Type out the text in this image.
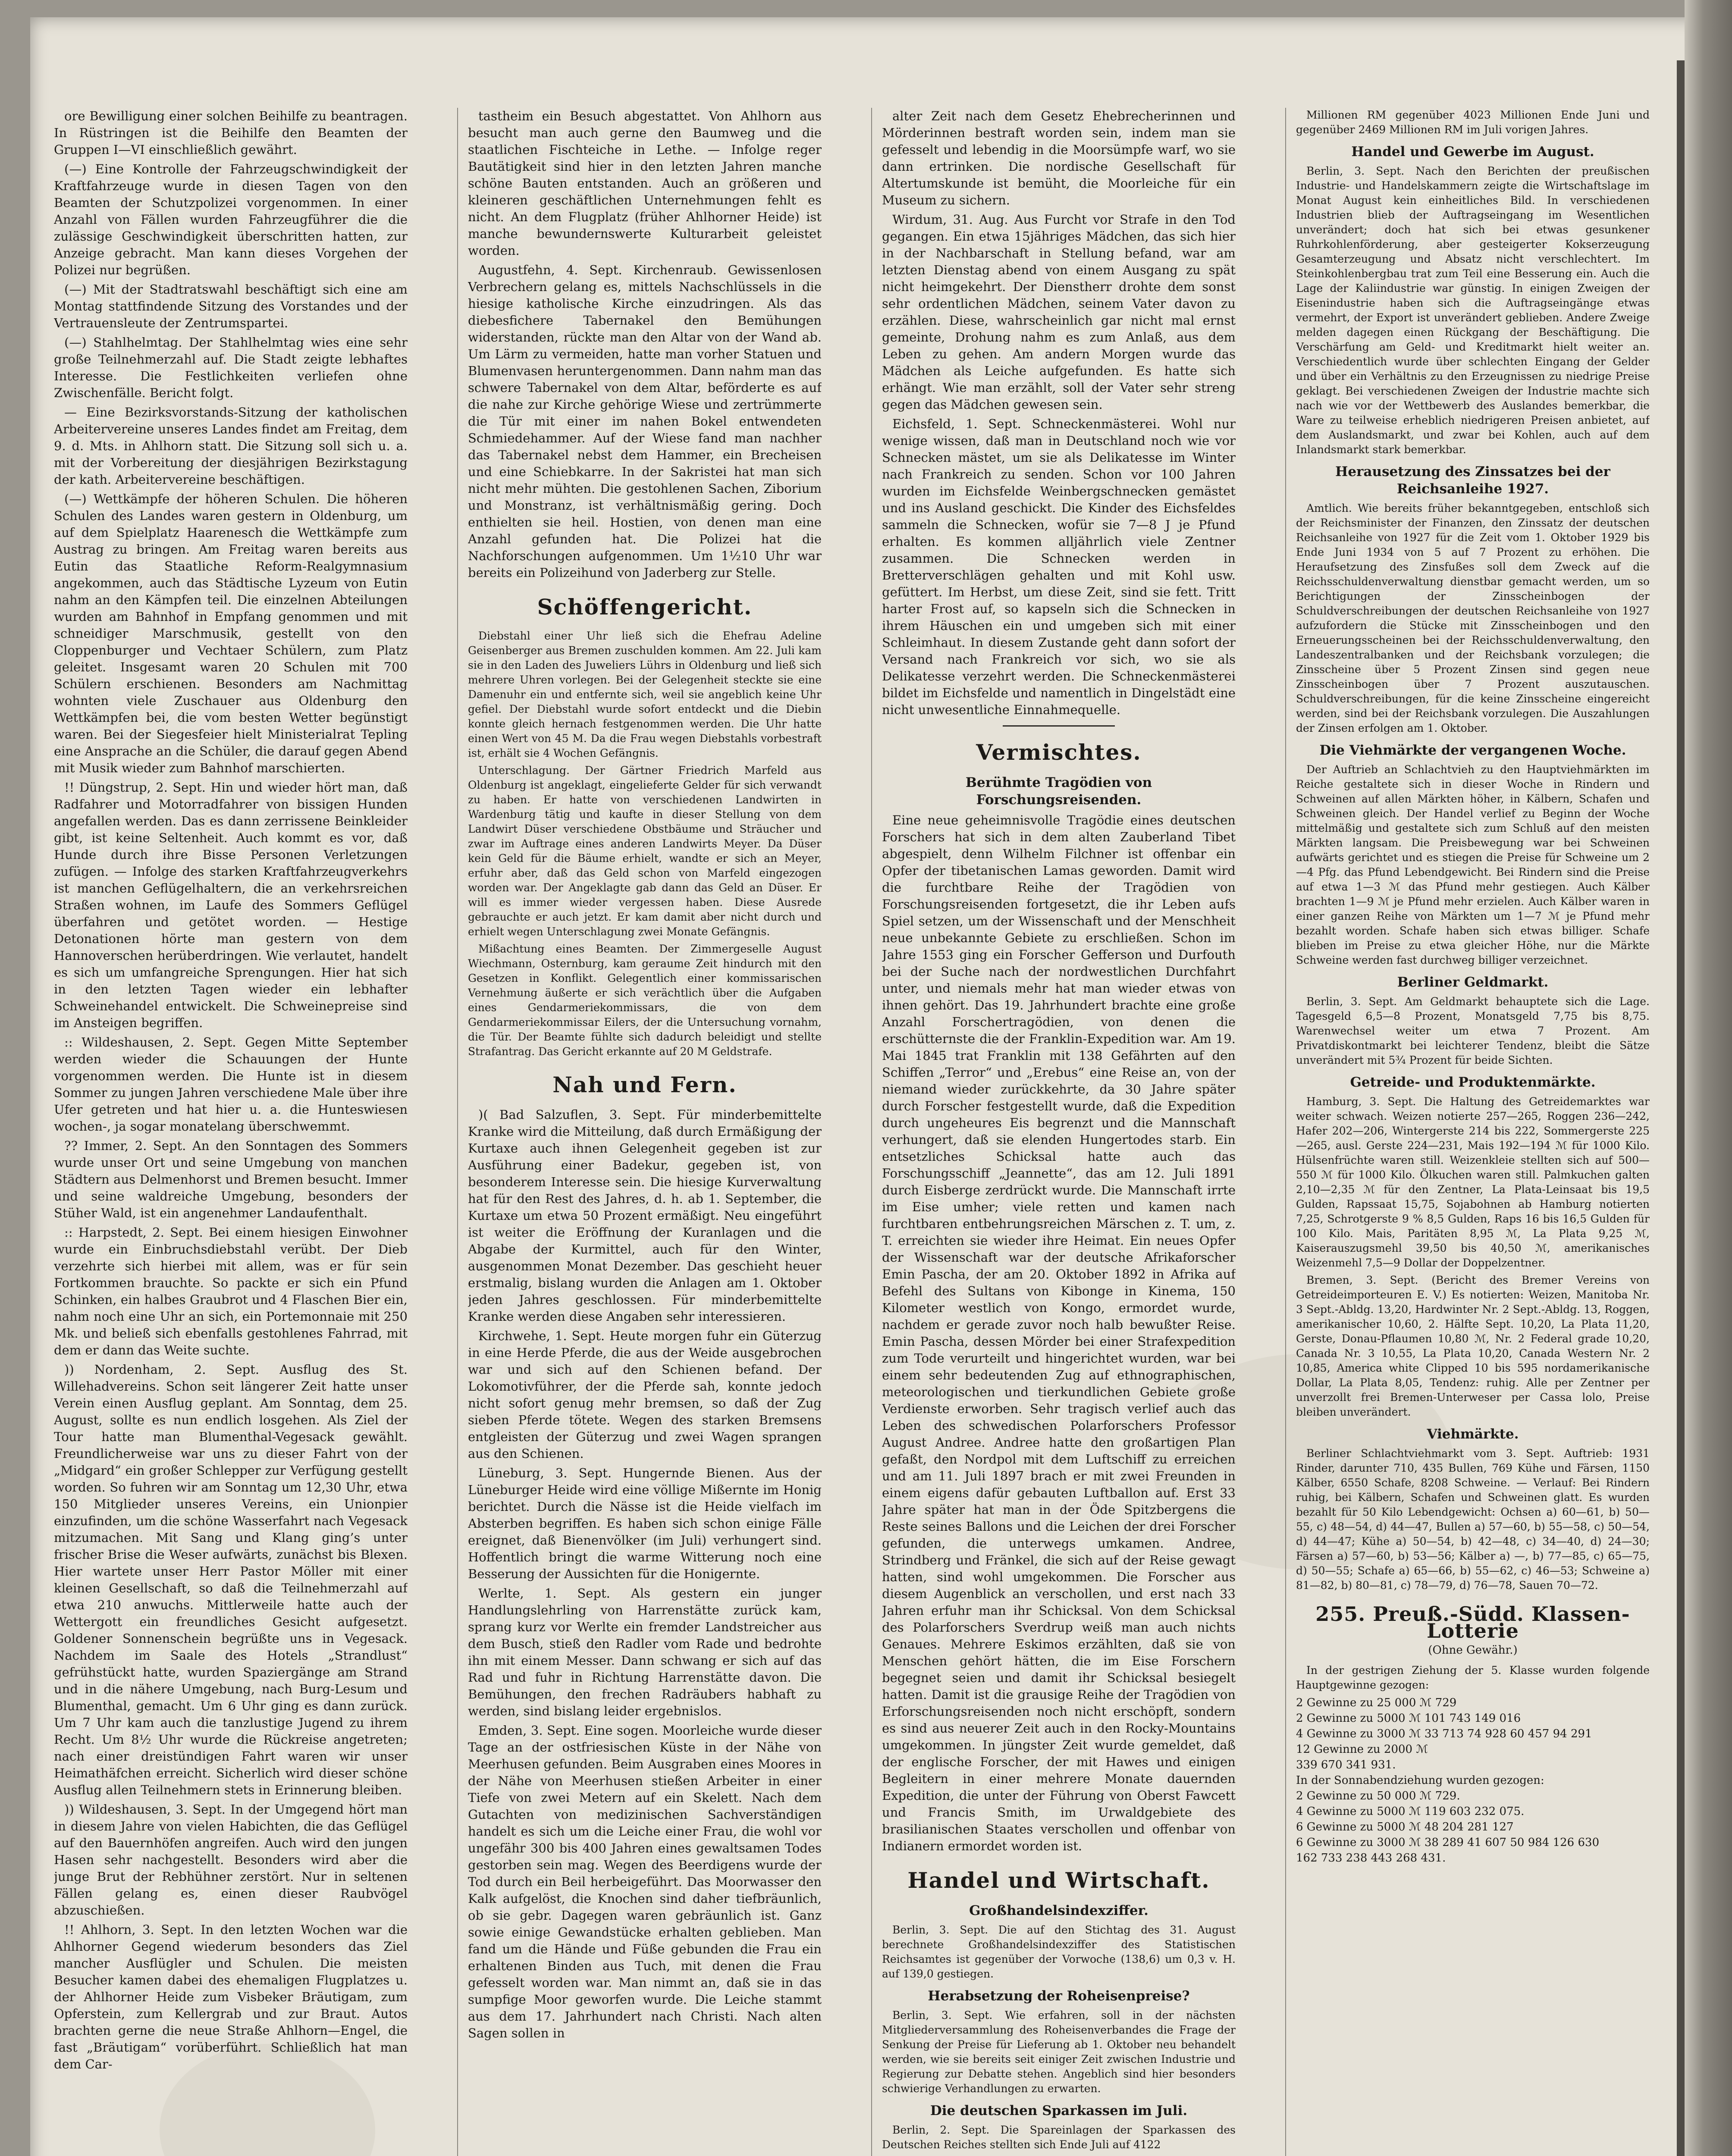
ore Bewilligung einer solchen Beihilfe zu beantragen. In Rüstringen ist die Beihilfe den Beamten der Gruppen I—VI einschließlich gewährt.

(—) Eine Kontrolle der Fahrzeugschwindigkeit der Kraftfahrzeuge wurde in diesen Tagen von den Beamten der Schutzpolizei vorgenommen. In einer Anzahl von Fällen wurden Fahrzeugführer die die zulässige Geschwindigkeit überschritten hatten, zur Anzeige gebracht. Man kann dieses Vorgehen der Polizei nur begrüßen.

(—) Mit der Stadtratswahl beschäftigt sich eine am Montag stattfindende Sitzung des Vorstandes und der Vertrauensleute der Zentrumspartei.

(—) Stahlhelmtag. Der Stahlhelmtag wies eine sehr große Teilnehmerzahl auf. Die Stadt zeigte lebhaftes Interesse. Die Festlichkeiten verliefen ohne Zwischenfälle. Bericht folgt.

— Eine Bezirksvorstands-Sitzung der katholischen Arbeitervereine unseres Landes findet am Freitag, dem 9. d. Mts. in Ahlhorn statt. Die Sitzung soll sich u. a. mit der Vorbereitung der diesjährigen Bezirkstagung der kath. Arbeitervereine beschäftigen.

(—) Wettkämpfe der höheren Schulen. Die höheren Schulen des Landes waren gestern in Oldenburg, um auf dem Spielplatz Haarenesch die Wettkämpfe zum Austrag zu bringen. Am Freitag waren bereits aus Eutin das Staatliche Reform-Realgymnasium angekommen, auch das Städtische Lyzeum von Eutin nahm an den Kämpfen teil. Die einzelnen Abteilungen wurden am Bahnhof in Empfang genommen und mit schneidiger Marschmusik, gestellt von den Cloppenburger und Vechtaer Schülern, zum Platz geleitet. Insgesamt waren 20 Schulen mit 700 Schülern erschienen. Besonders am Nachmittag wohnten viele Zuschauer aus Oldenburg den Wettkämpfen bei, die vom besten Wetter begünstigt waren. Bei der Siegesfeier hielt Ministerialrat Tepling eine Ansprache an die Schüler, die darauf gegen Abend mit Musik wieder zum Bahnhof marschierten.

!! Düngstrup, 2. Sept. Hin und wieder hört man, daß Radfahrer und Motorradfahrer von bissigen Hunden angefallen werden. Das es dann zerrissene Beinkleider gibt, ist keine Seltenheit. Auch kommt es vor, daß Hunde durch ihre Bisse Personen Verletzungen zufügen. — Infolge des starken Kraftfahrzeugverkehrs ist manchen Geflügelhaltern, die an verkehrsreichen Straßen wohnen, im Laufe des Sommers Geflügel überfahren und getötet worden. — Hestige Detonationen hörte man gestern von dem Hannoverschen herüberdringen. Wie verlautet, handelt es sich um umfangreiche Sprengungen. Hier hat sich in den letzten Tagen wieder ein lebhafter Schweinehandel entwickelt. Die Schweinepreise sind im Ansteigen begriffen.

:: Wildeshausen, 2. Sept. Gegen Mitte September werden wieder die Schauungen der Hunte vorgenommen werden. Die Hunte ist in diesem Sommer zu jungen Jahren verschiedene Male über ihre Ufer getreten und hat hier u. a. die Hunteswiesen wochen-, ja sogar monatelang überschwemmt.

?? Immer, 2. Sept. An den Sonntagen des Sommers wurde unser Ort und seine Umgebung von manchen Städtern aus Delmenhorst und Bremen besucht. Immer und seine waldreiche Umgebung, besonders der Stüher Wald, ist ein angenehmer Landaufenthalt.

:: Harpstedt, 2. Sept. Bei einem hiesigen Einwohner wurde ein Einbruchsdiebstahl verübt. Der Dieb verzehrte sich hierbei mit allem, was er für sein Fortkommen brauchte. So packte er sich ein Pfund Schinken, ein halbes Graubrot und 4 Flaschen Bier ein, nahm noch eine Uhr an sich, ein Portemonnaie mit 250 Mk. und beließ sich ebenfalls gestohlenes Fahrrad, mit dem er dann das Weite suchte.

)) Nordenham, 2. Sept. Ausflug des St. Willehadvereins. Schon seit längerer Zeit hatte unser Verein einen Ausflug geplant. Am Sonntag, dem 25. August, sollte es nun endlich losgehen. Als Ziel der Tour hatte man Blumenthal-Vegesack gewählt. Freundlicherweise war uns zu dieser Fahrt von der „Midgard“ ein großer Schlepper zur Verfügung gestellt worden. So fuhren wir am Sonntag um 12,30 Uhr, etwa 150 Mitglieder unseres Vereins, ein Unionpier einzufinden, um die schöne Wasserfahrt nach Vegesack mitzumachen. Mit Sang und Klang ging’s unter frischer Brise die Weser aufwärts, zunächst bis Blexen. Hier wartete unser Herr Pastor Möller mit einer kleinen Gesellschaft, so daß die Teilnehmerzahl auf etwa 210 anwuchs. Mittlerweile hatte auch der Wettergott ein freundliches Gesicht aufgesetzt. Goldener Sonnenschein begrüßte uns in Vegesack. Nachdem im Saale des Hotels „Strandlust“ gefrühstückt hatte, wurden Spaziergänge am Strand und in die nähere Umgebung, nach Burg-Lesum und Blumenthal, gemacht. Um 6 Uhr ging es dann zurück. Um 7 Uhr kam auch die tanzlustige Jugend zu ihrem Recht. Um 8½ Uhr wurde die Rückreise angetreten; nach einer dreistündigen Fahrt waren wir unser Heimathäfchen erreicht. Sicherlich wird dieser schöne Ausflug allen Teilnehmern stets in Erinnerung bleiben.

)) Wildeshausen, 3. Sept. In der Umgegend hört man in diesem Jahre von vielen Habichten, die das Geflügel auf den Bauernhöfen angreifen. Auch wird den jungen Hasen sehr nachgestellt. Besonders wird aber die junge Brut der Rebhühner zerstört. Nur in seltenen Fällen gelang es, einen dieser Raubvögel abzuschießen.

!! Ahlhorn, 3. Sept. In den letzten Wochen war die Ahlhorner Gegend wiederum besonders das Ziel mancher Ausflügler und Schulen. Die meisten Besucher kamen dabei des ehemaligen Flugplatzes u. der Ahlhorner Heide zum Visbeker Bräutigam, zum Opferstein, zum Kellergrab und zur Braut. Autos brachten gerne die neue Straße Ahlhorn—Engel, die fast „Bräutigam“ vorüberführt. Schließlich hat man dem Car-

tastheim ein Besuch abgestattet. Von Ahlhorn aus besucht man auch gerne den Baumweg und die staatlichen Fischteiche in Lethe. — Infolge reger Bautätigkeit sind hier in den letzten Jahren manche schöne Bauten entstanden. Auch an größeren und kleineren geschäftlichen Unternehmungen fehlt es nicht. An dem Flugplatz (früher Ahlhorner Heide) ist manche bewundernswerte Kulturarbeit geleistet worden.

Augustfehn, 4. Sept. Kirchenraub. Gewissenlosen Verbrechern gelang es, mittels Nachschlüssels in die hiesige katholische Kirche einzudringen. Als das diebesfichere Tabernakel den Bemühungen widerstanden, rückte man den Altar von der Wand ab. Um Lärm zu vermeiden, hatte man vorher Statuen und Blumenvasen heruntergenommen. Dann nahm man das schwere Tabernakel von dem Altar, beförderte es auf die nahe zur Kirche gehörige Wiese und zertrümmerte die Tür mit einer im nahen Bokel entwendeten Schmiedehammer. Auf der Wiese fand man nachher das Tabernakel nebst dem Hammer, ein Brecheisen und eine Schiebkarre. In der Sakristei hat man sich nicht mehr mühten. Die gestohlenen Sachen, Ziborium und Monstranz, ist verhältnismäßig gering. Doch enthielten sie heil. Hostien, von denen man eine Anzahl gefunden hat. Die Polizei hat die Nachforschungen aufgenommen. Um 1½10 Uhr war bereits ein Polizeihund von Jaderberg zur Stelle.

Schöffengericht.

Diebstahl einer Uhr ließ sich die Ehefrau Adeline Geisenberger aus Bremen zuschulden kommen. Am 22. Juli kam sie in den Laden des Juweliers Lührs in Oldenburg und ließ sich mehrere Uhren vorlegen. Bei der Gelegenheit steckte sie eine Damenuhr ein und entfernte sich, weil sie angeblich keine Uhr gefiel. Der Diebstahl wurde sofort entdeckt und die Diebin konnte gleich hernach festgenommen werden. Die Uhr hatte einen Wert von 45 M. Da die Frau wegen Diebstahls vorbestraft ist, erhält sie 4 Wochen Gefängnis.

Unterschlagung. Der Gärtner Friedrich Marfeld aus Oldenburg ist angeklagt, eingelieferte Gelder für sich verwandt zu haben. Er hatte von verschiedenen Landwirten in Wardenburg tätig und kaufte in dieser Stellung von dem Landwirt Düser verschiedene Obstbäume und Sträucher und zwar im Auftrage eines anderen Landwirts Meyer. Da Düser kein Geld für die Bäume erhielt, wandte er sich an Meyer, erfuhr aber, daß das Geld schon von Marfeld eingezogen worden war. Der Angeklagte gab dann das Geld an Düser. Er will es immer wieder vergessen haben. Diese Ausrede gebrauchte er auch jetzt. Er kam damit aber nicht durch und erhielt wegen Unterschlagung zwei Monate Gefängnis.

Mißachtung eines Beamten. Der Zimmergeselle August Wiechmann, Osternburg, kam geraume Zeit hindurch mit den Gesetzen in Konflikt. Gelegentlich einer kommissarischen Vernehmung äußerte er sich verächtlich über die Aufgaben eines Gendarmeriekommissars, die von dem Gendarmeriekommissar Eilers, der die Untersuchung vornahm, die Tür. Der Beamte fühlte sich dadurch beleidigt und stellte Strafantrag. Das Gericht erkannte auf 20 M Geldstrafe.

Nah und Fern.

)( Bad Salzuflen, 3. Sept. Für minderbemittelte Kranke wird die Mitteilung, daß durch Ermäßigung der Kurtaxe auch ihnen Gelegenheit gegeben ist zur Ausführung einer Badekur, gegeben ist, von besonderem Interesse sein. Die hiesige Kurverwaltung hat für den Rest des Jahres, d. h. ab 1. September, die Kurtaxe um etwa 50 Prozent ermäßigt. Neu eingeführt ist weiter die Eröffnung der Kuranlagen und die Abgabe der Kurmittel, auch für den Winter, ausgenommen Monat Dezember. Das geschieht heuer erstmalig, bislang wurden die Anlagen am 1. Oktober jeden Jahres geschlossen. Für minderbemittelte Kranke werden diese Angaben sehr interessieren.

Kirchwehe, 1. Sept. Heute morgen fuhr ein Güterzug in eine Herde Pferde, die aus der Weide ausgebrochen war und sich auf den Schienen befand. Der Lokomotivführer, der die Pferde sah, konnte jedoch nicht sofort genug mehr bremsen, so daß der Zug sieben Pferde tötete. Wegen des starken Bremsens entgleisten der Güterzug und zwei Wagen sprangen aus den Schienen.

Lüneburg, 3. Sept. Hungernde Bienen. Aus der Lüneburger Heide wird eine völlige Mißernte im Honig berichtet. Durch die Nässe ist die Heide vielfach im Absterben begriffen. Es haben sich schon einige Fälle ereignet, daß Bienenvölker (im Juli) verhungert sind. Hoffentlich bringt die warme Witterung noch eine Besserung der Aussichten für die Honigernte.

Werlte, 1. Sept. Als gestern ein junger Handlungslehrling von Harrenstätte zurück kam, sprang kurz vor Werlte ein fremder Landstreicher aus dem Busch, stieß den Radler vom Rade und bedrohte ihn mit einem Messer. Dann schwang er sich auf das Rad und fuhr in Richtung Harrenstätte davon. Die Bemühungen, den frechen Radräubers habhaft zu werden, sind bislang leider ergebnislos.

Emden, 3. Sept. Eine sogen. Moorleiche wurde dieser Tage an der ostfriesischen Küste in der Nähe von Meerhusen gefunden. Beim Ausgraben eines Moores in der Nähe von Meerhusen stießen Arbeiter in einer Tiefe von zwei Metern auf ein Skelett. Nach dem Gutachten von medizinischen Sachverständigen handelt es sich um die Leiche einer Frau, die wohl vor ungefähr 300 bis 400 Jahren eines gewaltsamen Todes gestorben sein mag. Wegen des Beerdigens wurde der Tod durch ein Beil herbeigeführt. Das Moorwasser den Kalk aufgelöst, die Knochen sind daher tiefbräunlich, ob sie gebr. Dagegen waren gebräunlich ist. Ganz sowie einige Gewandstücke erhalten geblieben. Man fand um die Hände und Füße gebunden die Frau ein erhaltenen Binden aus Tuch, mit denen die Frau gefesselt worden war. Man nimmt an, daß sie in das sumpfige Moor geworfen wurde. Die Leiche stammt aus dem 17. Jahrhundert nach Christi. Nach alten Sagen sollen in

alter Zeit nach dem Gesetz Ehebrecherinnen und Mörderinnen bestraft worden sein, indem man sie gefesselt und lebendig in die Moorsümpfe warf, wo sie dann ertrinken. Die nordische Gesellschaft für Altertumskunde ist bemüht, die Moorleiche für ein Museum zu sichern.

Wirdum, 31. Aug. Aus Furcht vor Strafe in den Tod gegangen. Ein etwa 15jähriges Mädchen, das sich hier in der Nachbarschaft in Stellung befand, war am letzten Dienstag abend von einem Ausgang zu spät nicht heimgekehrt. Der Dienstherr drohte dem sonst sehr ordentlichen Mädchen, seinem Vater davon zu erzählen. Diese, wahrscheinlich gar nicht mal ernst gemeinte, Drohung nahm es zum Anlaß, aus dem Leben zu gehen. Am andern Morgen wurde das Mädchen als Leiche aufgefunden. Es hatte sich erhängt. Wie man erzählt, soll der Vater sehr streng gegen das Mädchen gewesen sein.

Eichsfeld, 1. Sept. Schneckenmästerei. Wohl nur wenige wissen, daß man in Deutschland noch wie vor Schnecken mästet, um sie als Delikatesse im Winter nach Frankreich zu senden. Schon vor 100 Jahren wurden im Eichsfelde Weinbergschnecken gemästet und ins Ausland geschickt. Die Kinder des Eichsfeldes sammeln die Schnecken, wofür sie 7—8 J je Pfund erhalten. Es kommen alljährlich viele Zentner zusammen. Die Schnecken werden in Bretterverschlägen gehalten und mit Kohl usw. gefüttert. Im Herbst, um diese Zeit, sind sie fett. Tritt harter Frost auf, so kapseln sich die Schnecken in ihrem Häuschen ein und umgeben sich mit einer Schleimhaut. In diesem Zustande geht dann sofort der Versand nach Frankreich vor sich, wo sie als Delikatesse verzehrt werden. Die Schneckenmästerei bildet im Eichsfelde und namentlich in Dingelstädt eine nicht unwesentliche Einnahmequelle.

Vermischtes.
Berühmte Tragödien von Forschungsreisenden.

Eine neue geheimnisvolle Tragödie eines deutschen Forschers hat sich in dem alten Zauberland Tibet abgespielt, denn Wilhelm Filchner ist offenbar ein Opfer der tibetanischen Lamas geworden. Damit wird die furchtbare Reihe der Tragödien von Forschungsreisenden fortgesetzt, die ihr Leben aufs Spiel setzen, um der Wissenschaft und der Menschheit neue unbekannte Gebiete zu erschließen. Schon im Jahre 1553 ging ein Forscher Gefferson und Durfouth bei der Suche nach der nordwestlichen Durchfahrt unter, und niemals mehr hat man wieder etwas von ihnen gehört. Das 19. Jahrhundert brachte eine große Anzahl Forschertragödien, von denen die erschütternste die der Franklin-Expedition war. Am 19. Mai 1845 trat Franklin mit 138 Gefährten auf den Schiffen „Terror“ und „Erebus“ eine Reise an, von der niemand wieder zurückkehrte, da 30 Jahre später durch Forscher festgestellt wurde, daß die Expedition durch ungeheures Eis begrenzt und die Mannschaft verhungert, daß sie elenden Hungertodes starb. Ein entsetzliches Schicksal hatte auch das Forschungsschiff „Jeannette“, das am 12. Juli 1891 durch Eisberge zerdrückt wurde. Die Mannschaft irrte im Eise umher; viele retten und kamen nach furchtbaren entbehrungsreichen Märschen z. T. um, z. T. erreichten sie wieder ihre Heimat. Ein neues Opfer der Wissenschaft war der deutsche Afrikaforscher Emin Pascha, der am 20. Oktober 1892 in Afrika auf Befehl des Sultans von Kibonge in Kinema, 150 Kilometer westlich von Kongo, ermordet wurde, nachdem er gerade zuvor noch halb bewußter Reise. Emin Pascha, dessen Mörder bei einer Strafexpedition zum Tode verurteilt und hingerichtet wurden, war bei einem sehr bedeutenden Zug auf ethnographischen, meteorologischen und tierkundlichen Gebiete große Verdienste erworben. Sehr tragisch verlief auch das Leben des schwedischen Polarforschers Professor August Andree. Andree hatte den großartigen Plan gefaßt, den Nordpol mit dem Luftschiff zu erreichen und am 11. Juli 1897 brach er mit zwei Freunden in einem eigens dafür gebauten Luftballon auf. Erst 33 Jahre später hat man in der Öde Spitzbergens die Reste seines Ballons und die Leichen der drei Forscher gefunden, die unterwegs umkamen. Andree, Strindberg und Fränkel, die sich auf der Reise gewagt hatten, sind wohl umgekommen. Die Forscher aus diesem Augenblick an verschollen, und erst nach 33 Jahren erfuhr man ihr Schicksal. Von dem Schicksal des Polarforschers Sverdrup weiß man auch nichts Genaues. Mehrere Eskimos erzählten, daß sie von Menschen gehört hätten, die im Eise Forschern begegnet seien und damit ihr Schicksal besiegelt hatten. Damit ist die grausige Reihe der Tragödien von Erforschungsreisenden noch nicht erschöpft, sondern es sind aus neuerer Zeit auch in den Rocky-Mountains umgekommen. In jüngster Zeit wurde gemeldet, daß der englische Forscher, der mit Hawes und einigen Begleitern in einer mehrere Monate dauernden Expedition, die unter der Führung von Oberst Fawcett und Francis Smith, im Urwaldgebiete des brasilianischen Staates verschollen und offenbar von Indianern ermordet worden ist.

Handel und Wirtschaft.
Großhandelsindexziffer.

Berlin, 3. Sept. Die auf den Stichtag des 31. August berechnete Großhandelsindexziffer des Statistischen Reichsamtes ist gegenüber der Vorwoche (138,6) um 0,3 v. H. auf 139,0 gestiegen.

Herabsetzung der Roheisenpreise?

Berlin, 3. Sept. Wie erfahren, soll in der nächsten Mitgliederversammlung des Roheisenverbandes die Frage der Senkung der Preise für Lieferung ab 1. Oktober neu behandelt werden, wie sie bereits seit einiger Zeit zwischen Industrie und Regierung zur Debatte stehen. Angeblich sind hier besonders schwierige Verhandlungen zu erwarten.

Die deutschen Sparkassen im Juli.

Berlin, 2. Sept. Die Spareinlagen der Sparkassen des Deutschen Reiches stellten sich Ende Juli auf 4122

Millionen RM gegenüber 4023 Millionen Ende Juni und gegenüber 2469 Millionen RM im Juli vorigen Jahres.

Handel und Gewerbe im August.

Berlin, 3. Sept. Nach den Berichten der preußischen Industrie- und Handelskammern zeigte die Wirtschaftslage im Monat August kein einheitliches Bild. In verschiedenen Industrien blieb der Auftragseingang im Wesentlichen unverändert; doch hat sich bei etwas gesunkener Ruhrkohlenförderung, aber gesteigerter Kokserzeugung Gesamterzeugung und Absatz nicht verschlechtert. Im Steinkohlenbergbau trat zum Teil eine Besserung ein. Auch die Lage der Kaliindustrie war günstig. In einigen Zweigen der Eisenindustrie haben sich die Auftragseingänge etwas vermehrt, der Export ist unverändert geblieben. Andere Zweige melden dagegen einen Rückgang der Beschäftigung. Die Verschärfung am Geld- und Kreditmarkt hielt weiter an. Verschiedentlich wurde über schlechten Eingang der Gelder und über ein Verhältnis zu den Erzeugnissen zu niedrige Preise geklagt. Bei verschiedenen Zweigen der Industrie machte sich nach wie vor der Wettbewerb des Auslandes bemerkbar, die Ware zu teilweise erheblich niedrigeren Preisen anbietet, auf dem Auslandsmarkt, und zwar bei Kohlen, auch auf dem Inlandsmarkt stark bemerkbar.

Herausetzung des Zinssatzes bei der Reichsanleihe 1927.

Amtlich. Wie bereits früher bekanntgegeben, entschloß sich der Reichsminister der Finanzen, den Zinssatz der deutschen Reichsanleihe von 1927 für die Zeit vom 1. Oktober 1929 bis Ende Juni 1934 von 5 auf 7 Prozent zu erhöhen. Die Heraufsetzung des Zinsfußes soll dem Zweck auf die Reichsschuldenverwaltung dienstbar gemacht werden, um so Berichtigungen der Zinsscheinbogen der Schuldverschreibungen der deutschen Reichsanleihe von 1927 aufzufordern die Stücke mit Zinsscheinbogen und den Erneuerungsscheinen bei der Reichsschuldenverwaltung, den Landeszentralbanken und der Reichsbank vorzulegen; die Zinsscheine über 5 Prozent Zinsen sind gegen neue Zinsscheinbogen über 7 Prozent auszutauschen. Schuldverschreibungen, für die keine Zinsscheine eingereicht werden, sind bei der Reichsbank vorzulegen. Die Auszahlungen der Zinsen erfolgen am 1. Oktober.

Die Viehmärkte der vergangenen Woche.

Der Auftrieb an Schlachtvieh zu den Hauptviehmärkten im Reiche gestaltete sich in dieser Woche in Rindern und Schweinen auf allen Märkten höher, in Kälbern, Schafen und Schweinen gleich. Der Handel verlief zu Beginn der Woche mittelmäßig und gestaltete sich zum Schluß auf den meisten Märkten langsam. Die Preisbewegung war bei Schweinen aufwärts gerichtet und es stiegen die Preise für Schweine um 2—4 Pfg. das Pfund Lebendgewicht. Bei Rindern sind die Preise auf etwa 1—3 ℳ das Pfund mehr gestiegen. Auch Kälber brachten 1—9 ℳ je Pfund mehr erzielen. Auch Kälber waren in einer ganzen Reihe von Märkten um 1—7 ℳ je Pfund mehr bezahlt worden. Schafe haben sich etwas billiger. Schafe blieben im Preise zu etwa gleicher Höhe, nur die Märkte Schweine werden fast durchweg billiger verzeichnet.

Berliner Geldmarkt.

Berlin, 3. Sept. Am Geldmarkt behauptete sich die Lage. Tagesgeld 6,5—8 Prozent, Monatsgeld 7,75 bis 8,75. Warenwechsel weiter um etwa 7 Prozent. Am Privatdiskontmarkt bei leichterer Tendenz, bleibt die Sätze unverändert mit 5¾ Prozent für beide Sichten.

Getreide- und Produktenmärkte.

Hamburg, 3. Sept. Die Haltung des Getreidemarktes war weiter schwach. Weizen notierte 257—265, Roggen 236—242, Hafer 202—206, Wintergerste 214 bis 222, Sommergerste 225—265, ausl. Gerste 224—231, Mais 192—194 ℳ für 1000 Kilo. Hülsenfrüchte waren still. Weizenkleie stellten sich auf 500—550 ℳ für 1000 Kilo. Ölkuchen waren still. Palmkuchen galten 2,10—2,35 ℳ für den Zentner, La Plata-Leinsaat bis 19,5 Gulden, Rapssaat 15,75, Sojabohnen ab Hamburg notierten 7,25, Schrotgerste 9 % 8,5 Gulden, Raps 16 bis 16,5 Gulden für 100 Kilo. Mais, Paritäten 8,95 ℳ, La Plata 9,25 ℳ, Kaiserauszugsmehl 39,50 bis 40,50 ℳ, amerikanisches Weizenmehl 7,5—9 Dollar der Doppelzentner.

Bremen, 3. Sept. (Bericht des Bremer Vereins von Getreideimporteuren E. V.) Es notierten: Weizen, Manitoba Nr. 3 Sept.-Abldg. 13,20, Hardwinter Nr. 2 Sept.-Abldg. 13, Roggen, amerikanischer 10,60, 2. Hälfte Sept. 10,20, La Plata 11,20, Gerste, Donau-Pflaumen 10,80 ℳ, Nr. 2 Federal grade 10,20, Canada Nr. 3 10,55, La Plata 10,20, Canada Western Nr. 2 10,85, America white Clipped 10 bis 595 nordamerikanische Dollar, La Plata 8,05, Tendenz: ruhig. Alle per Zentner per unverzollt frei Bremen-Unterweser per Cassa lolo, Preise bleiben unverändert.

Viehmärkte.

Berliner Schlachtviehmarkt vom 3. Sept. Auftrieb: 1931 Rinder, darunter 710, 435 Bullen, 769 Kühe und Färsen, 1150 Kälber, 6550 Schafe, 8208 Schweine. — Verlauf: Bei Rindern ruhig, bei Kälbern, Schafen und Schweinen glatt. Es wurden bezahlt für 50 Kilo Lebendgewicht: Ochsen a) 60—61, b) 50—55, c) 48—54, d) 44—47, Bullen a) 57—60, b) 55—58, c) 50—54, d) 44—47; Kühe a) 50—54, b) 42—48, c) 34—40, d) 24—30; Färsen a) 57—60, b) 53—56; Kälber a) —, b) 77—85, c) 65—75, d) 50—55; Schafe a) 65—66, b) 55—62, c) 46—53; Schweine a) 81—82, b) 80—81, c) 78—79, d) 76—78, Sauen 70—72.

255. Preuß.-Südd. Klassen-Lotterie
(Ohne Gewähr.)

In der gestrigen Ziehung der 5. Klasse wurden folgende Hauptgewinne gezogen:

2 Gewinne zu 25 000 ℳ 729
2 Gewinne zu 5000 ℳ 101 743 149 016
4 Gewinne zu 3000 ℳ 33 713 74 928 60 457 94 291
12 Gewinne zu 2000 ℳ
339 670 341 931.
In der Sonnabendziehung wurden gezogen:
2 Gewinne zu 50 000 ℳ 729.
4 Gewinne zu 5000 ℳ 119 603 232 075.
6 Gewinne zu 5000 ℳ 48 204 281 127
6 Gewinne zu 3000 ℳ 38 289 41 607 50 984 126 630
162 733 238 443 268 431.
